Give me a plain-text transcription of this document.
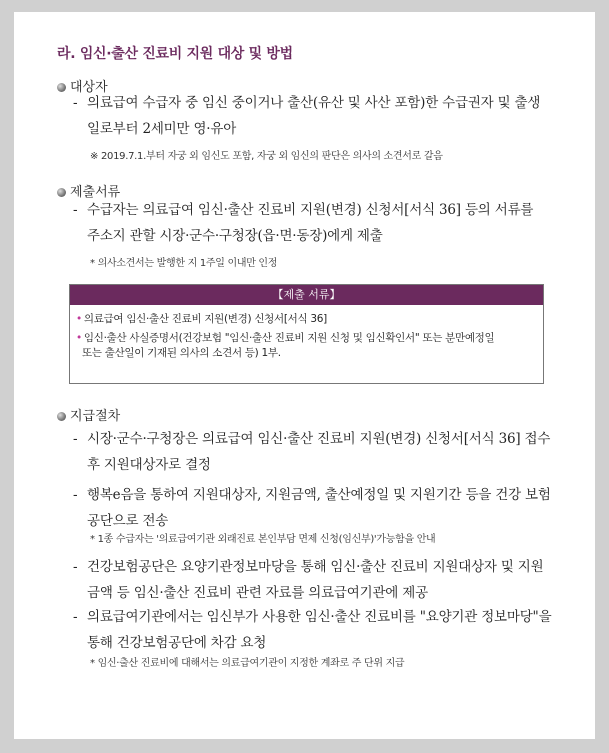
라. 임신·출산 진료비 지원 대상 및 방법
대상자
- 의료급여 수급자 중 임신 중이거나 출산(유산 및 사산 포함)한 수급권자 및 출생
일로부터 2세미만 영·유아
※ 2019.7.1.부터 자궁 외 임신도 포함, 자궁 외 임신의 판단은 의사의 소견서로 갈음
제출서류
- 수급자는 의료급여 임신·출산 진료비 지원(변경) 신청서[서식 36] 등의 서류를
주소지 관할 시장·군수·구청장(읍·면·동장)에게 제출
* 의사소견서는 발행한 지 1주일 이내만 인정
【제출 서류】
• 의료급여 임신·출산 진료비 지원(변경) 신청서[서식 36]
• 임신·출산 사실증명서(건강보험 "임신·출산 진료비 지원 신청 및 임신확인서" 또는 분만예정일
또는 출산일이 기재된 의사의 소견서 등) 1부.
지급절차
- 시장·군수·구청장은 의료급여 임신·출산 진료비 지원(변경) 신청서[서식 36] 접수
후 지원대상자로 결정
- 행복e음을 통하여 지원대상자, 지원금액, 출산예정일 및 지원기간 등을 건강 보험
공단으로 전송
* 1종 수급자는 '의료급여기관 외래진료 본인부담 면제 신청(임신부)'가능함을 안내
- 건강보험공단은 요양기관정보마당을 통해 임신·출산 진료비 지원대상자 및 지원
금액 등 임신·출산 진료비 관련 자료를 의료급여기관에 제공
- 의료급여기관에서는 임신부가 사용한 임신·출산 진료비를 "요양기관 정보마당"을
통해 건강보험공단에 차감 요청
* 임신·출산 진료비에 대해서는 의료급여기관이 지정한 계좌로 주 단위 지급
